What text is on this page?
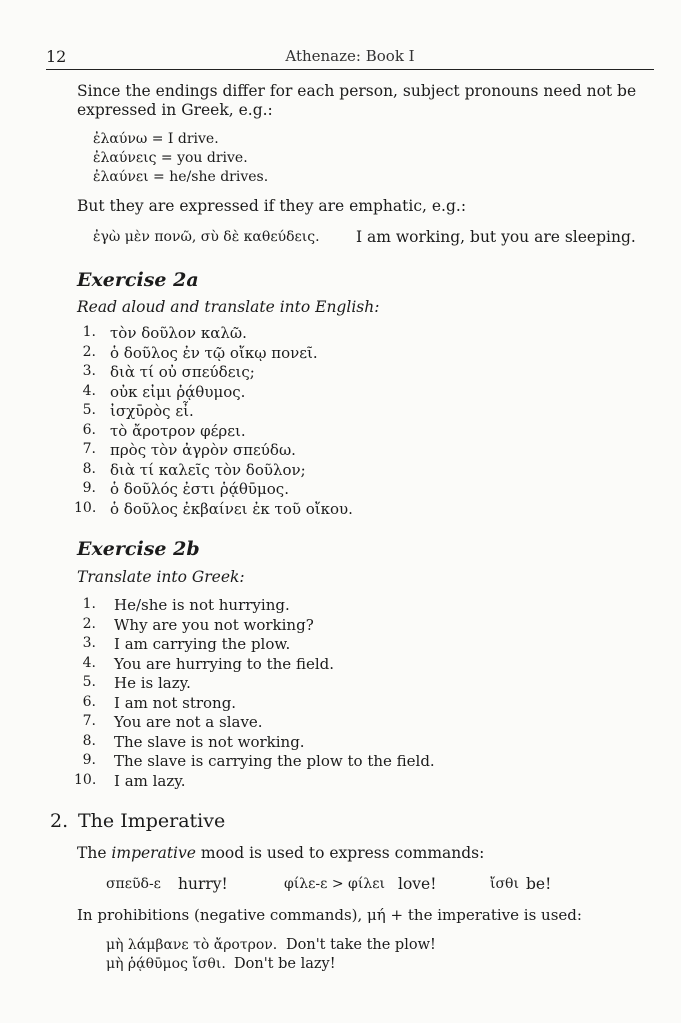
12	Athenaze: Book I
Since the endings differ for each person, subject pronouns need not be
expressed in Greek, e.g.:
ἐλαύνω = I drive.
ἐλαύνεις = you drive.
ἐλαύνει = he/she drives.
But they are expressed if they are emphatic, e.g.:
ἐγὼ μὲν πονῶ, σὺ δὲ καθεύδεις. I am working, but you are sleeping.
Exercise 2a
Read aloud and translate into English:
1. τὸν δοῦλον καλῶ.
2. ὁ δοῦλος ἐν τῷ οἴκῳ πονεῖ.
3. διὰ τί οὐ σπεύδεις;
4. οὐκ εἰμι ῥᾴθυμος.
5. ἰσχῡρὸς εἶ.
6. τὸ ἄροτρον φέρει.
7. πρὸς τὸν ἀγρὸν σπεύδω.
8. διὰ τί καλεῖς τὸν δοῦλον;
9. ὁ δοῦλός ἐστι ῥᾴθῡμος.
10. ὁ δοῦλος ἐκβαίνει ἐκ τοῦ οἴκου.
Exercise 2b
Translate into Greek:
1. He/she is not hurrying.
2. Why are you not working?
3. I am carrying the plow.
4. You are hurrying to the field.
5. He is lazy.
6. I am not strong.
7. You are not a slave.
8. The slave is not working.
9. The slave is carrying the plow to the field.
10. I am lazy.
2. The Imperative
The imperative mood is used to express commands:
σπεῦδ-ε hurry!	φίλε-ε > φίλει love!	ἴσθι be!
In prohibitions (negative commands), μή + the imperative is used:
μὴ λάμβανε τὸ ἄροτρον. Don't take the plow!
μὴ ῥᾴθῡμος ἴσθι. Don't be lazy!
